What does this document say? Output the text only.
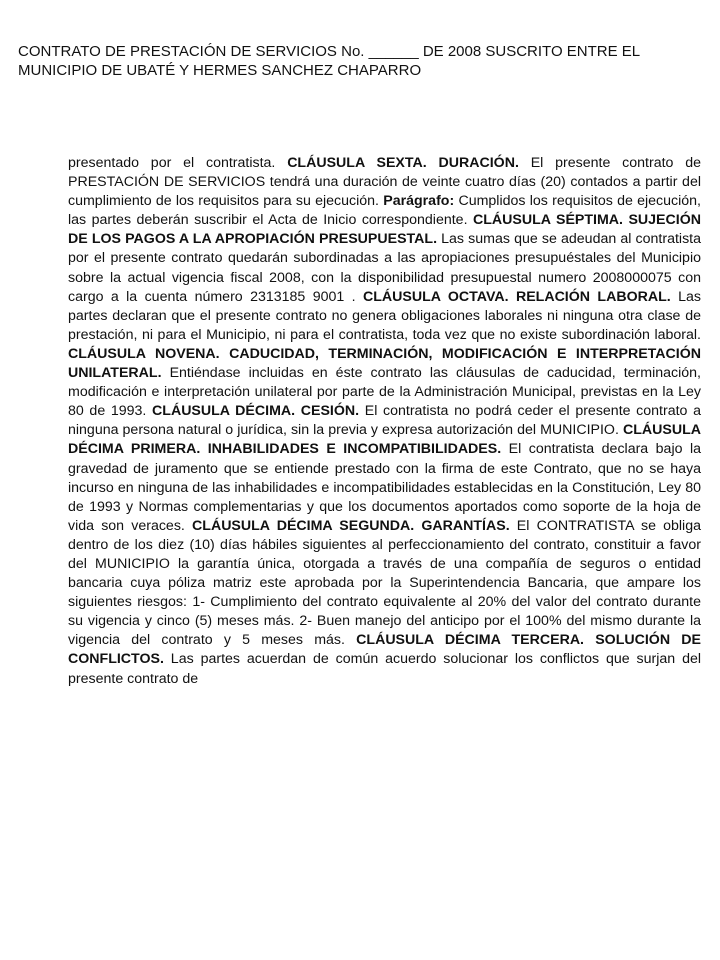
CONTRATO DE PRESTACIÓN DE SERVICIOS No. ______ DE 2008 SUSCRITO ENTRE EL
MUNICIPIO DE UBATÉ Y HERMES SANCHEZ CHAPARRO
presentado por el contratista. CLÁUSULA SEXTA. DURACIÓN. El presente contrato de PRESTACIÓN DE SERVICIOS tendrá una duración de veinte cuatro días (20) contados a partir del cumplimiento de los requisitos para su ejecución. Parágrafo: Cumplidos los requisitos de ejecución, las partes deberán suscribir el Acta de Inicio correspondiente. CLÁUSULA SÉPTIMA. SUJECIÓN DE LOS PAGOS A LA APROPIACIÓN PRESUPUESTAL. Las sumas que se adeudan al contratista por el presente contrato quedarán subordinadas a las apropiaciones presupuéstales del Municipio sobre la actual vigencia fiscal 2008, con la disponibilidad presupuestal numero 2008000075 con cargo a la cuenta número 2313185 9001 . CLÁUSULA OCTAVA. RELACIÓN LABORAL. Las partes declaran que el presente contrato no genera obligaciones laborales ni ninguna otra clase de prestación, ni para el Municipio, ni para el contratista, toda vez que no existe subordinación laboral. CLÁUSULA NOVENA. CADUCIDAD, TERMINACIÓN, MODIFICACIÓN E INTERPRETACIÓN UNILATERAL. Entiéndase incluidas en éste contrato las cláusulas de caducidad, terminación, modificación e interpretación unilateral por parte de la Administración Municipal, previstas en la Ley 80 de 1993. CLÁUSULA DÉCIMA. CESIÓN. El contratista no podrá ceder el presente contrato a ninguna persona natural o jurídica, sin la previa y expresa autorización del MUNICIPIO. CLÁUSULA DÉCIMA PRIMERA. INHABILIDADES E INCOMPATIBILIDADES. El contratista declara bajo la gravedad de juramento que se entiende prestado con la firma de este Contrato, que no se haya incurso en ninguna de las inhabilidades e incompatibilidades establecidas en la Constitución, Ley 80 de 1993 y Normas complementarias y que los documentos aportados como soporte de la hoja de vida son veraces. CLÁUSULA DÉCIMA SEGUNDA. GARANTÍAS. El CONTRATISTA se obliga dentro de los diez (10) días hábiles siguientes al perfeccionamiento del contrato, constituir a favor del MUNICIPIO la garantía única, otorgada a través de una compañía de seguros o entidad bancaria cuya póliza matriz este aprobada por la Superintendencia Bancaria, que ampare los siguientes riesgos: 1- Cumplimiento del contrato equivalente al 20% del valor del contrato durante su vigencia y cinco (5) meses más. 2- Buen manejo del anticipo por el 100% del mismo durante la vigencia del contrato y 5 meses más. CLÁUSULA DÉCIMA TERCERA. SOLUCIÓN DE CONFLICTOS. Las partes acuerdan de común acuerdo solucionar los conflictos que surjan del presente contrato de
